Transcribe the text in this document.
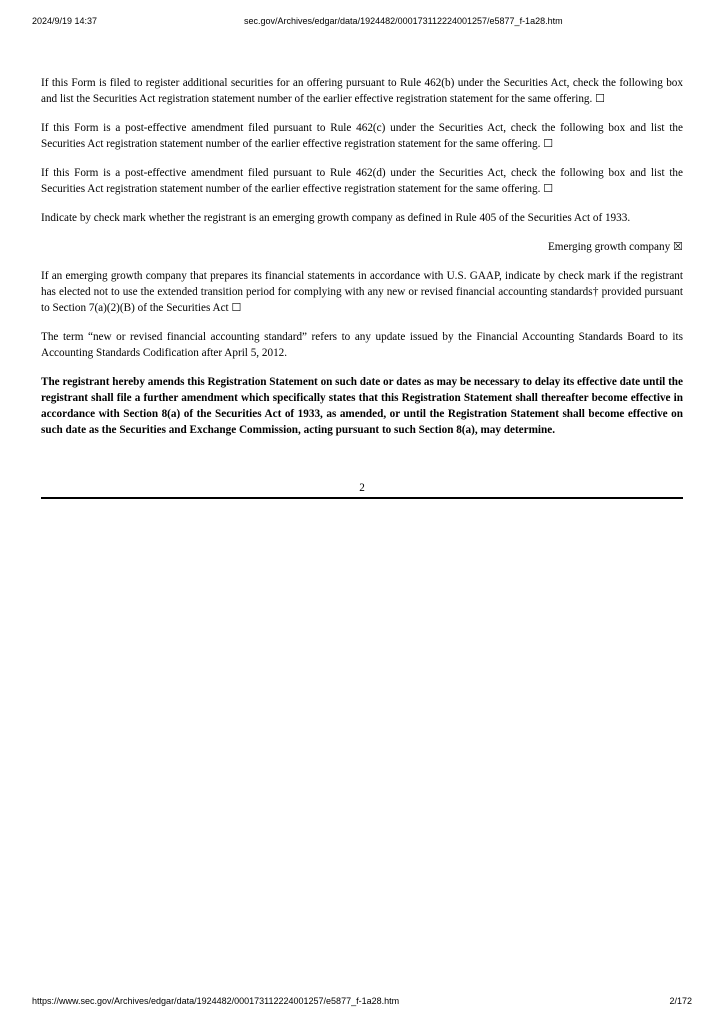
2024/9/19 14:37	sec.gov/Archives/edgar/data/1924482/000173112224001257/e5877_f-1a28.htm

If this Form is filed to register additional securities for an offering pursuant to Rule 462(b) under the Securities Act, check the following box and list the Securities Act registration statement number of the earlier effective registration statement for the same offering. ☐

If this Form is a post-effective amendment filed pursuant to Rule 462(c) under the Securities Act, check the following box and list the Securities Act registration statement number of the earlier effective registration statement for the same offering. ☐

If this Form is a post-effective amendment filed pursuant to Rule 462(d) under the Securities Act, check the following box and list the Securities Act registration statement number of the earlier effective registration statement for the same offering. ☐

Indicate by check mark whether the registrant is an emerging growth company as defined in Rule 405 of the Securities Act of 1933.

Emerging growth company ☒

If an emerging growth company that prepares its financial statements in accordance with U.S. GAAP, indicate by check mark if the registrant has elected not to use the extended transition period for complying with any new or revised financial accounting standards† provided pursuant to Section 7(a)(2)(B) of the Securities Act ☐

The term “new or revised financial accounting standard” refers to any update issued by the Financial Accounting Standards Board to its Accounting Standards Codification after April 5, 2012.

The registrant hereby amends this Registration Statement on such date or dates as may be necessary to delay its effective date until the registrant shall file a further amendment which specifically states that this Registration Statement shall thereafter become effective in accordance with Section 8(a) of the Securities Act of 1933, as amended, or until the Registration Statement shall become effective on such date as the Securities and Exchange Commission, acting pursuant to such Section 8(a), may determine.

2
https://www.sec.gov/Archives/edgar/data/1924482/000173112224001257/e5877_f-1a28.htm	2/172
